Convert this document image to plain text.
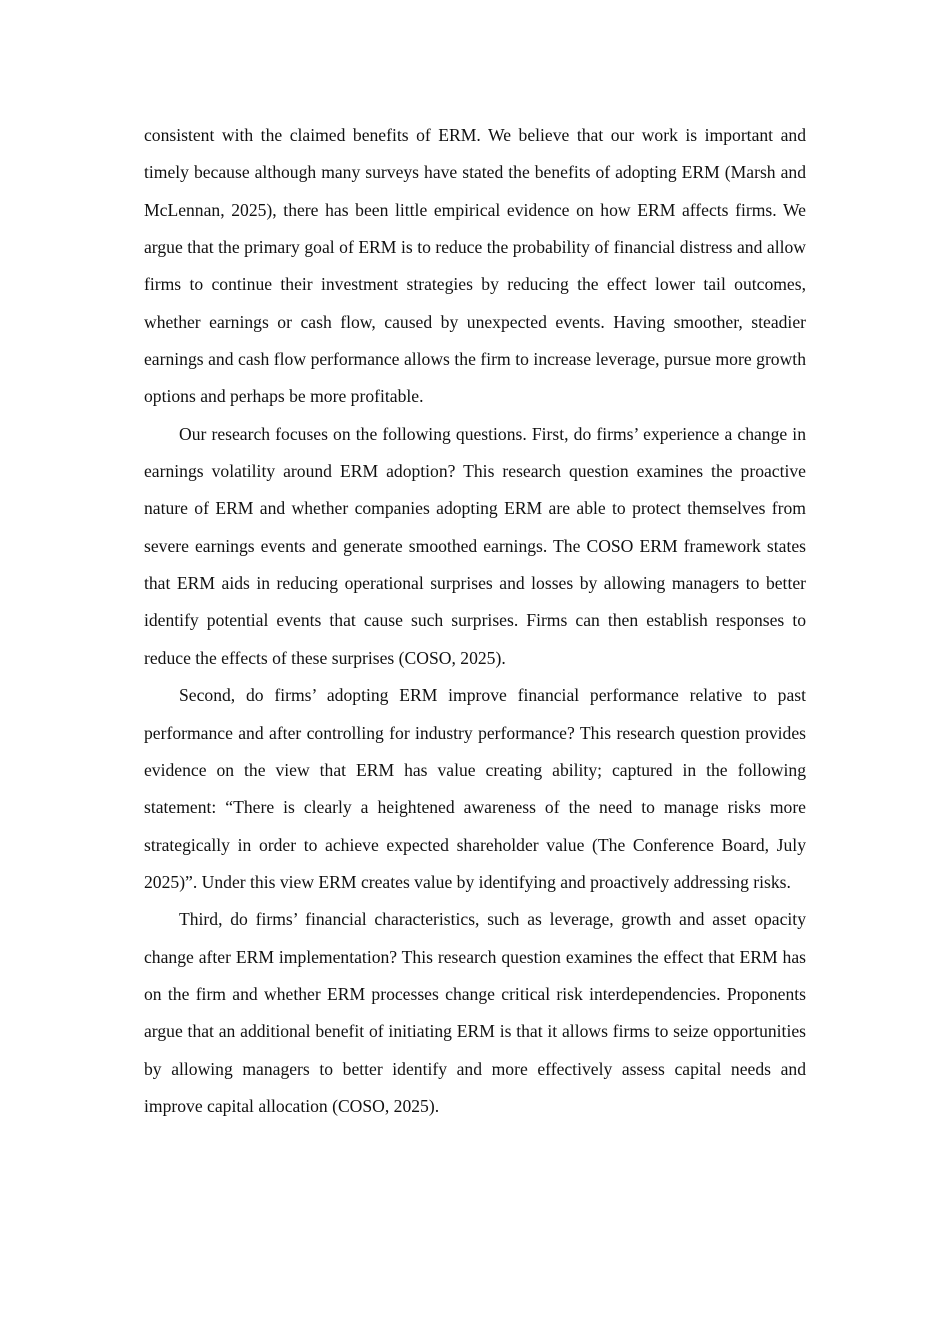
consistent with the claimed benefits of ERM. We believe that our work is important and timely because although many surveys have stated the benefits of adopting ERM (Marsh and McLennan, 2025), there has been little empirical evidence on how ERM affects firms. We argue that the primary goal of ERM is to reduce the probability of financial distress and allow firms to continue their investment strategies by reducing the effect lower tail outcomes, whether earnings or cash flow, caused by unexpected events. Having smoother, steadier earnings and cash flow performance allows the firm to increase leverage, pursue more growth options and perhaps be more profitable.

Our research focuses on the following questions. First, do firms’ experience a change in earnings volatility around ERM adoption? This research question examines the proactive nature of ERM and whether companies adopting ERM are able to protect themselves from severe earnings events and generate smoothed earnings. The COSO ERM framework states that ERM aids in reducing operational surprises and losses by allowing managers to better identify potential events that cause such surprises. Firms can then establish responses to reduce the effects of these surprises (COSO, 2025).

Second, do firms’ adopting ERM improve financial performance relative to past performance and after controlling for industry performance? This research question provides evidence on the view that ERM has value creating ability; captured in the following statement: “There is clearly a heightened awareness of the need to manage risks more strategically in order to achieve expected shareholder value (The Conference Board, July 2025)”. Under this view ERM creates value by identifying and proactively addressing risks.

Third, do firms’ financial characteristics, such as leverage, growth and asset opacity change after ERM implementation? This research question examines the effect that ERM has on the firm and whether ERM processes change critical risk interdependencies. Proponents argue that an additional benefit of initiating ERM is that it allows firms to seize opportunities by allowing managers to better identify and more effectively assess capital needs and improve capital allocation (COSO, 2025).
